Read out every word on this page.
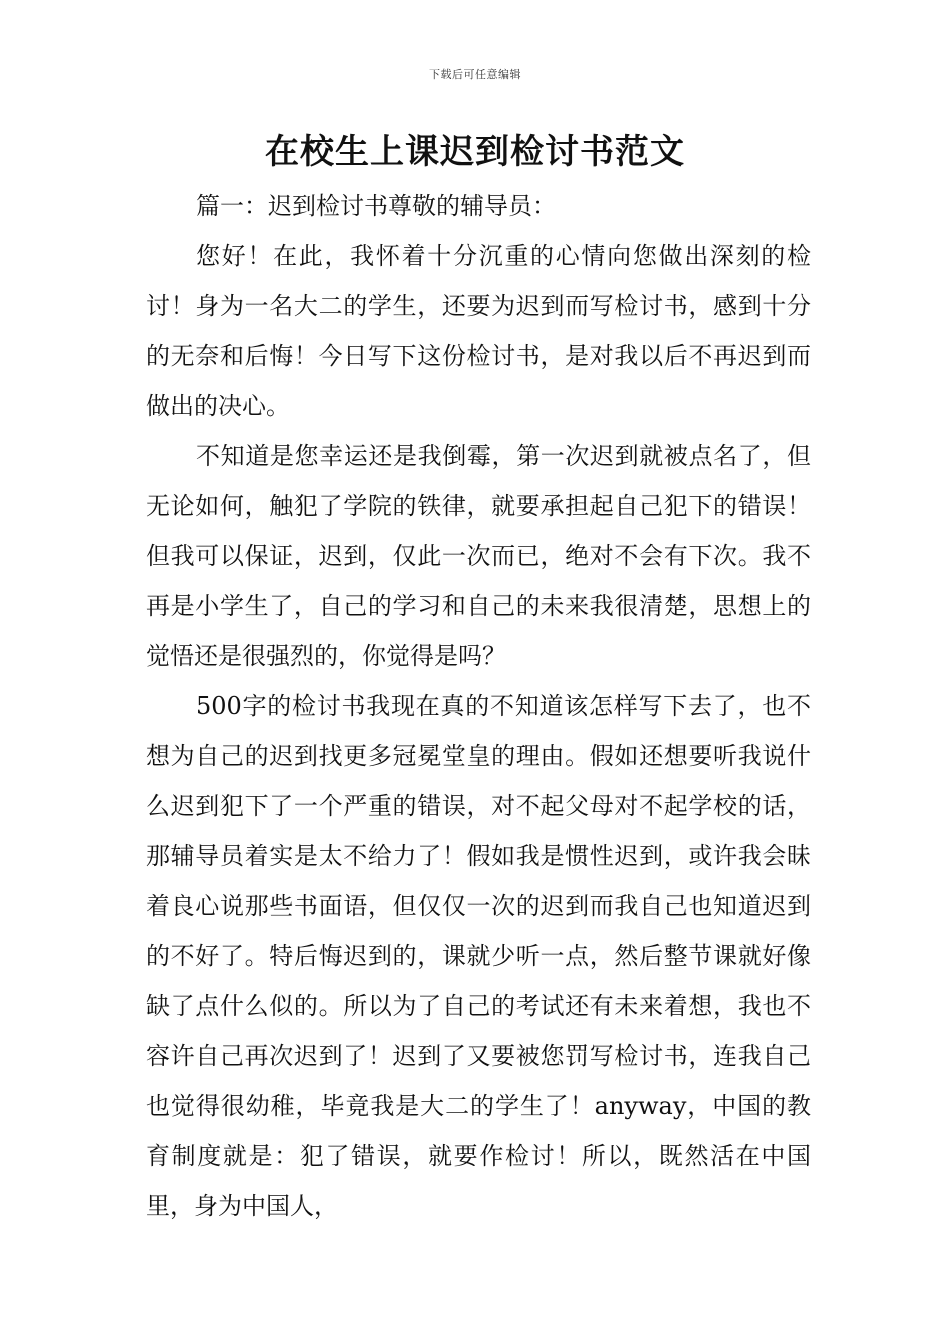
下载后可任意编辑
在校生上课迟到检讨书范文

篇一：迟到检讨书尊敬的辅导员：

您好！在此，我怀着十分沉重的心情向您做出深刻的检讨！身为一名大二的学生，还要为迟到而写检讨书，感到十分的无奈和后悔！今日写下这份检讨书，是对我以后不再迟到而做出的决心。

不知道是您幸运还是我倒霉，第一次迟到就被点名了，但无论如何，触犯了学院的铁律，就要承担起自己犯下的错误！但我可以保证，迟到，仅此一次而已，绝对不会有下次。我不再是小学生了，自己的学习和自己的未来我很清楚，思想上的觉悟还是很强烈的，你觉得是吗？

500字的检讨书我现在真的不知道该怎样写下去了，也不想为自己的迟到找更多冠冕堂皇的理由。假如还想要听我说什么迟到犯下了一个严重的错误，对不起父母对不起学校的话，那辅导员着实是太不给力了！假如我是惯性迟到，或许我会昧着良心说那些书面语，但仅仅一次的迟到而我自己也知道迟到的不好了。特后悔迟到的，课就少听一点，然后整节课就好像缺了点什么似的。所以为了自己的考试还有未来着想，我也不容许自己再次迟到了！迟到了又要被您罚写检讨书，连我自己也觉得很幼稚，毕竟我是大二的学生了！anyway，中国的教育制度就是：犯了错误，就要作检讨！所以，既然活在中国里，身为中国人，
